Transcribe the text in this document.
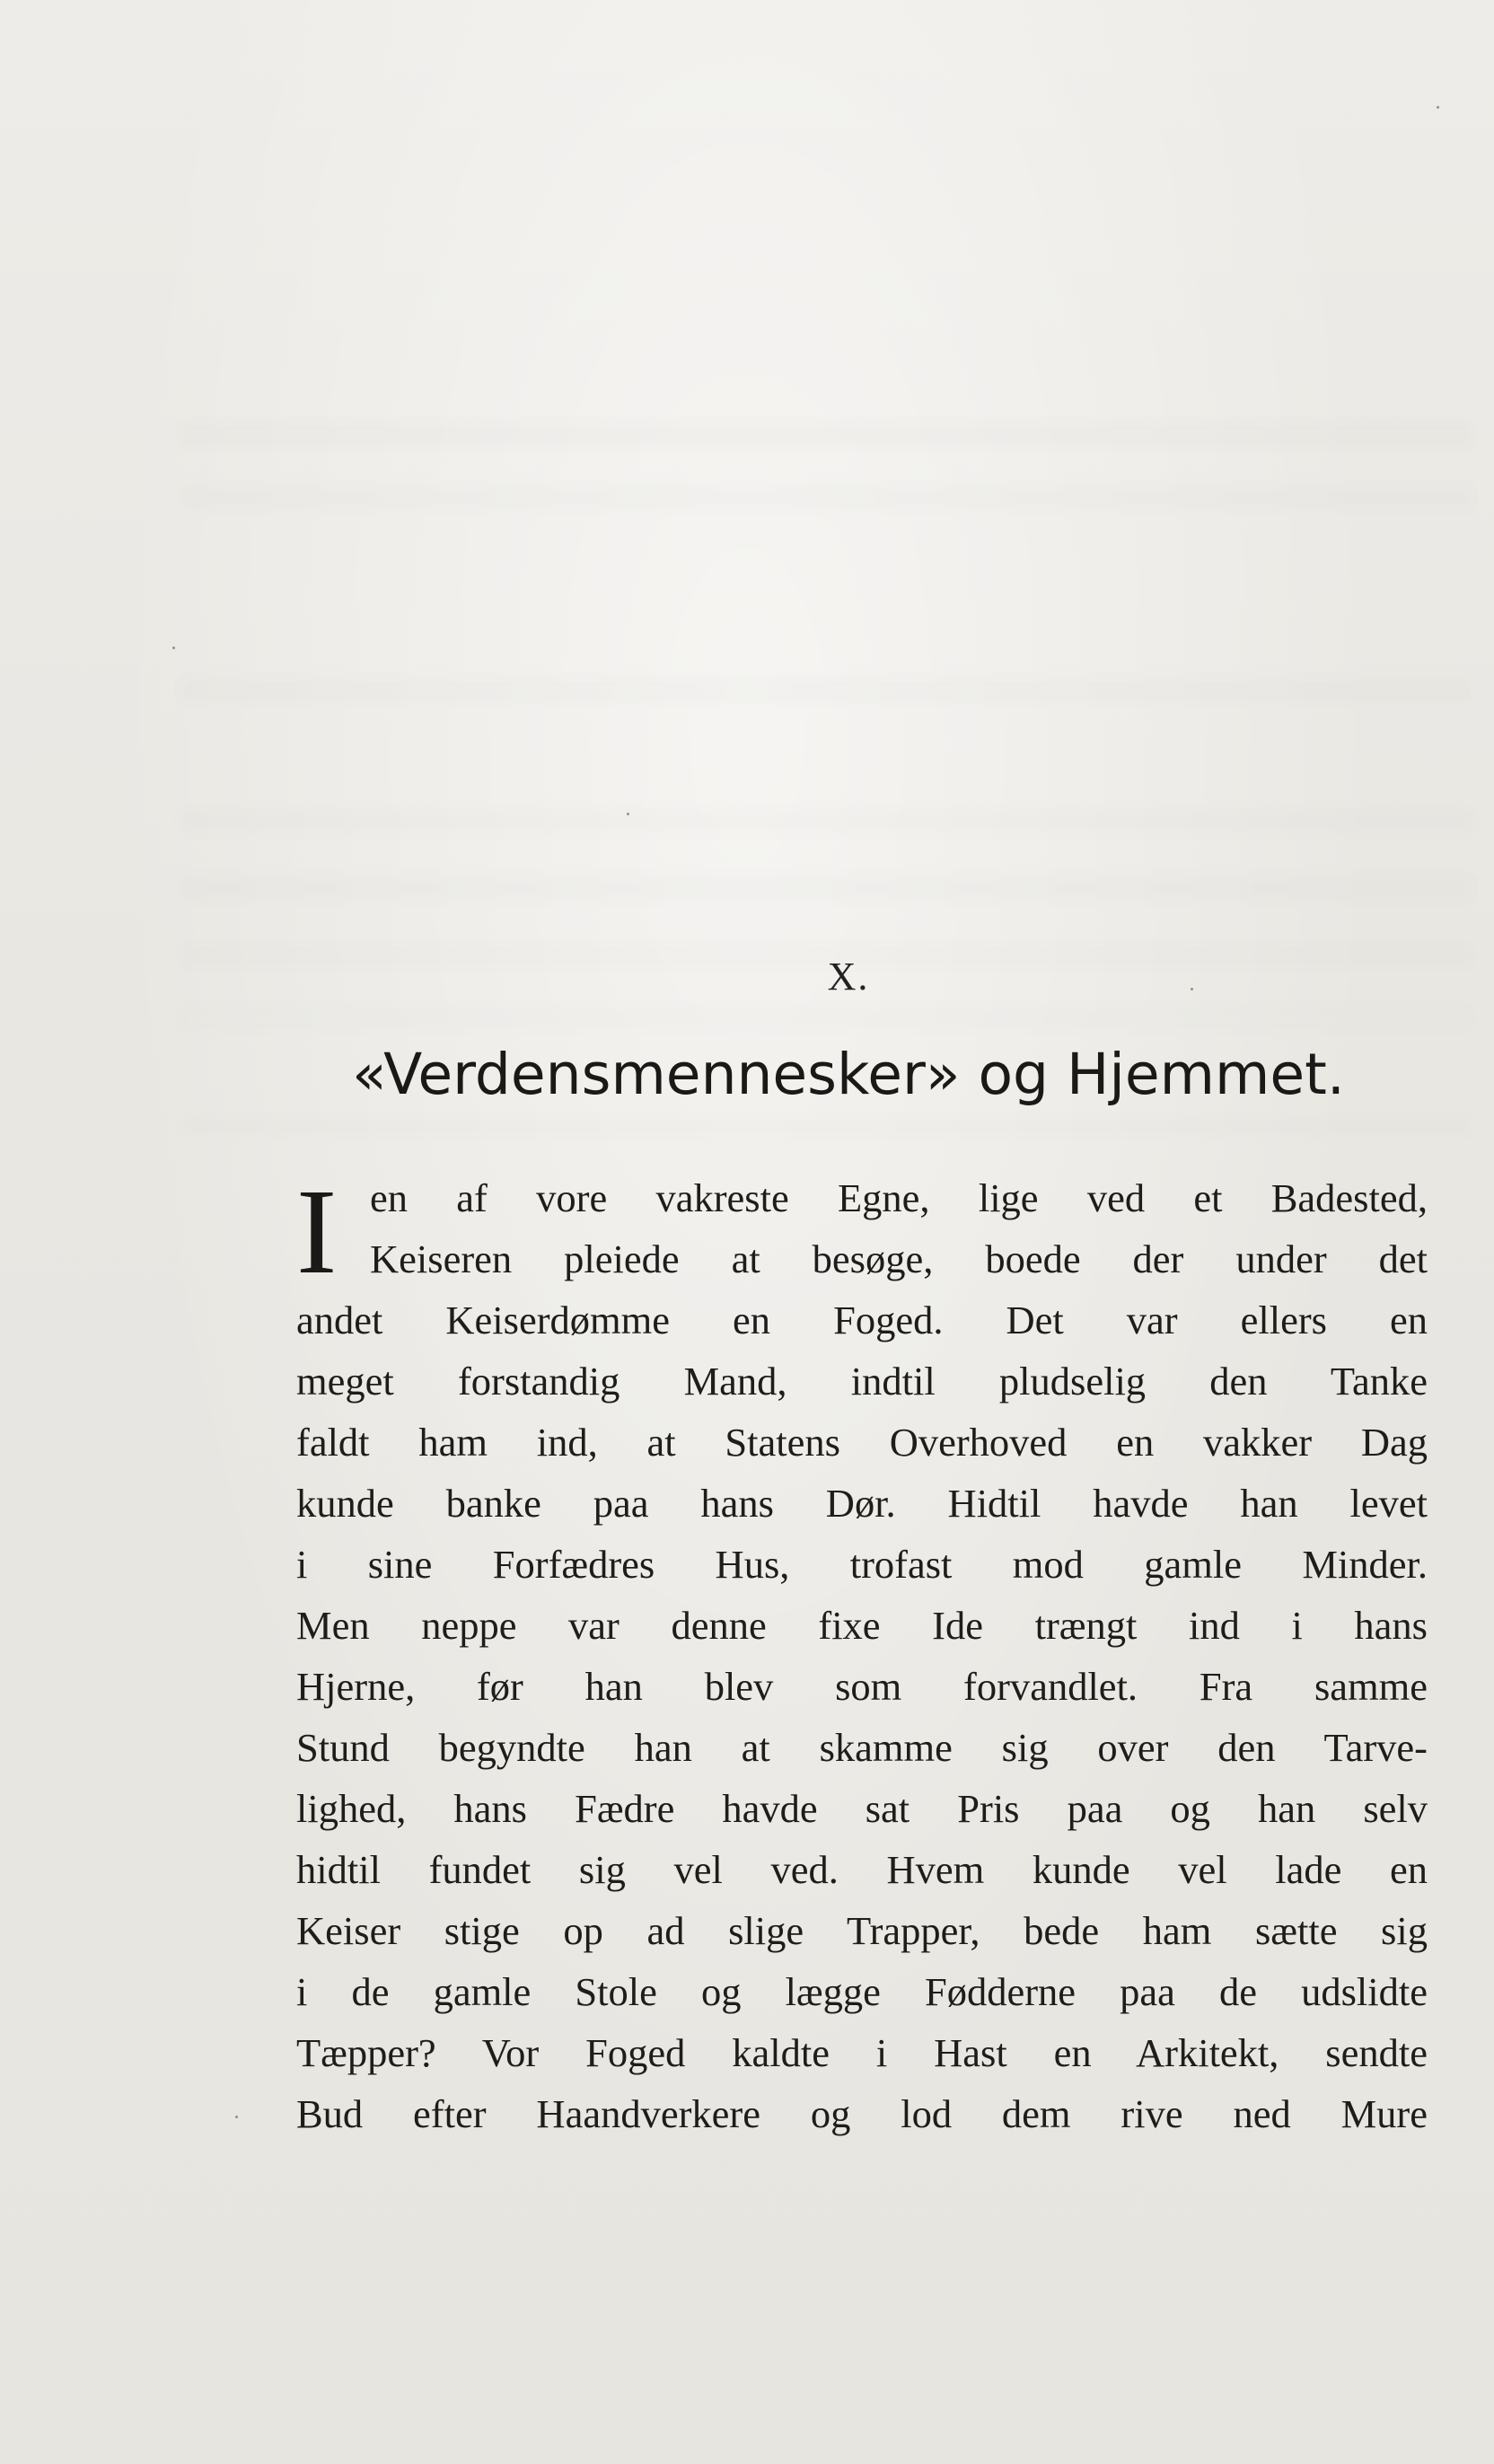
X.
«Verdensmennesker» og Hjemmet.
I en af vore vakreste Egne, lige ved et Badested,
Keiseren pleiede at besøge, boede der under det
andet Keiserdømme en Foged. Det var ellers en
meget forstandig Mand, indtil pludselig den Tanke
faldt ham ind, at Statens Overhoved en vakker Dag
kunde banke paa hans Dør. Hidtil havde han levet
i sine Forfædres Hus, trofast mod gamle Minder.
Men neppe var denne fixe Ide trængt ind i hans
Hjerne, før han blev som forvandlet. Fra samme
Stund begyndte han at skamme sig over den Tarve-
lighed, hans Fædre havde sat Pris paa og han selv
hidtil fundet sig vel ved. Hvem kunde vel lade en
Keiser stige op ad slige Trapper, bede ham sætte sig
i de gamle Stole og lægge Fødderne paa de udslidte
Tæpper? Vor Foged kaldte i Hast en Arkitekt, sendte
Bud efter Haandverkere og lod dem rive ned Mure
